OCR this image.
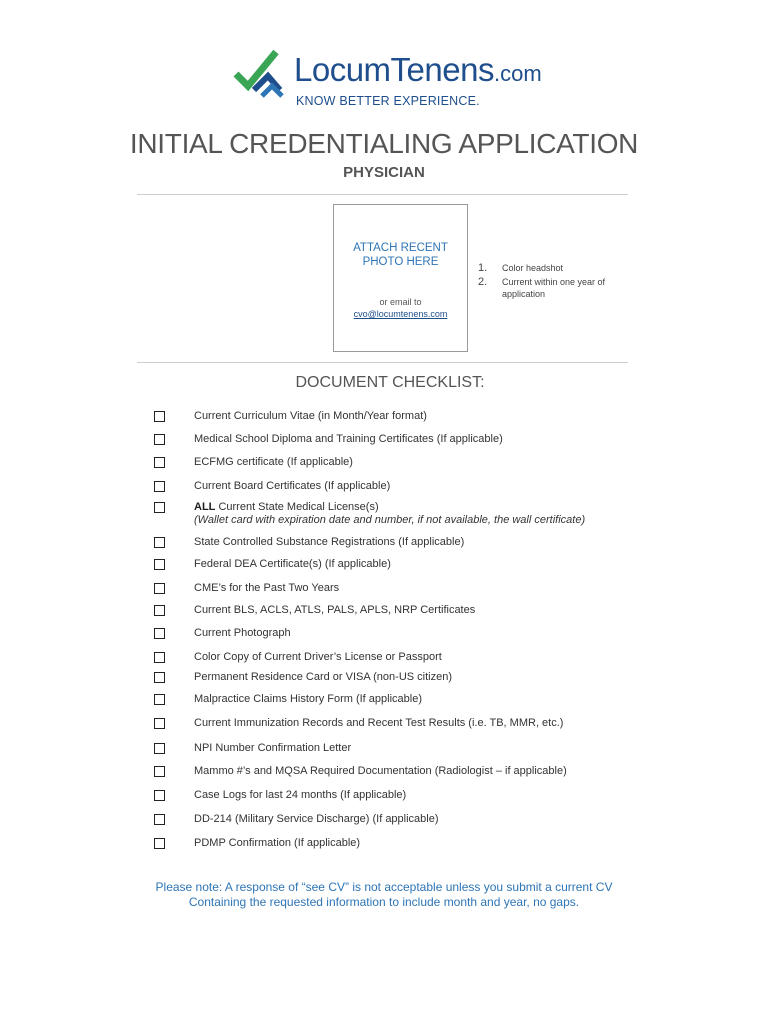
LocumTenens.com
KNOW BETTER EXPERIENCE.
INITIAL CREDENTIALING APPLICATION
PHYSICIAN
ATTACH RECENT
PHOTO HERE
or email to
cvo@locumtenens.com
1. Color headshot
2. Current within one year of application
DOCUMENT CHECKLIST:
Current Curriculum Vitae (in Month/Year format)
Medical School Diploma and Training Certificates (If applicable)
ECFMG certificate (If applicable)
Current Board Certificates (If applicable)
ALL Current State Medical License(s)
(Wallet card with expiration date and number, if not available, the wall certificate)
State Controlled Substance Registrations (If applicable)
Federal DEA Certificate(s) (If applicable)
CME’s for the Past Two Years
Current BLS, ACLS, ATLS, PALS, APLS, NRP Certificates
Current Photograph
Color Copy of Current Driver’s License or Passport
Permanent Residence Card or VISA (non-US citizen)
Malpractice Claims History Form (If applicable)
Current Immunization Records and Recent Test Results (i.e. TB, MMR, etc.)
NPI Number Confirmation Letter
Mammo #’s and MQSA Required Documentation (Radiologist – if applicable)
Case Logs for last 24 months (If applicable)
DD-214 (Military Service Discharge) (If applicable)
PDMP Confirmation (If applicable)
Please note: A response of “see CV” is not acceptable unless you submit a current CV
Containing the requested information to include month and year, no gaps.
